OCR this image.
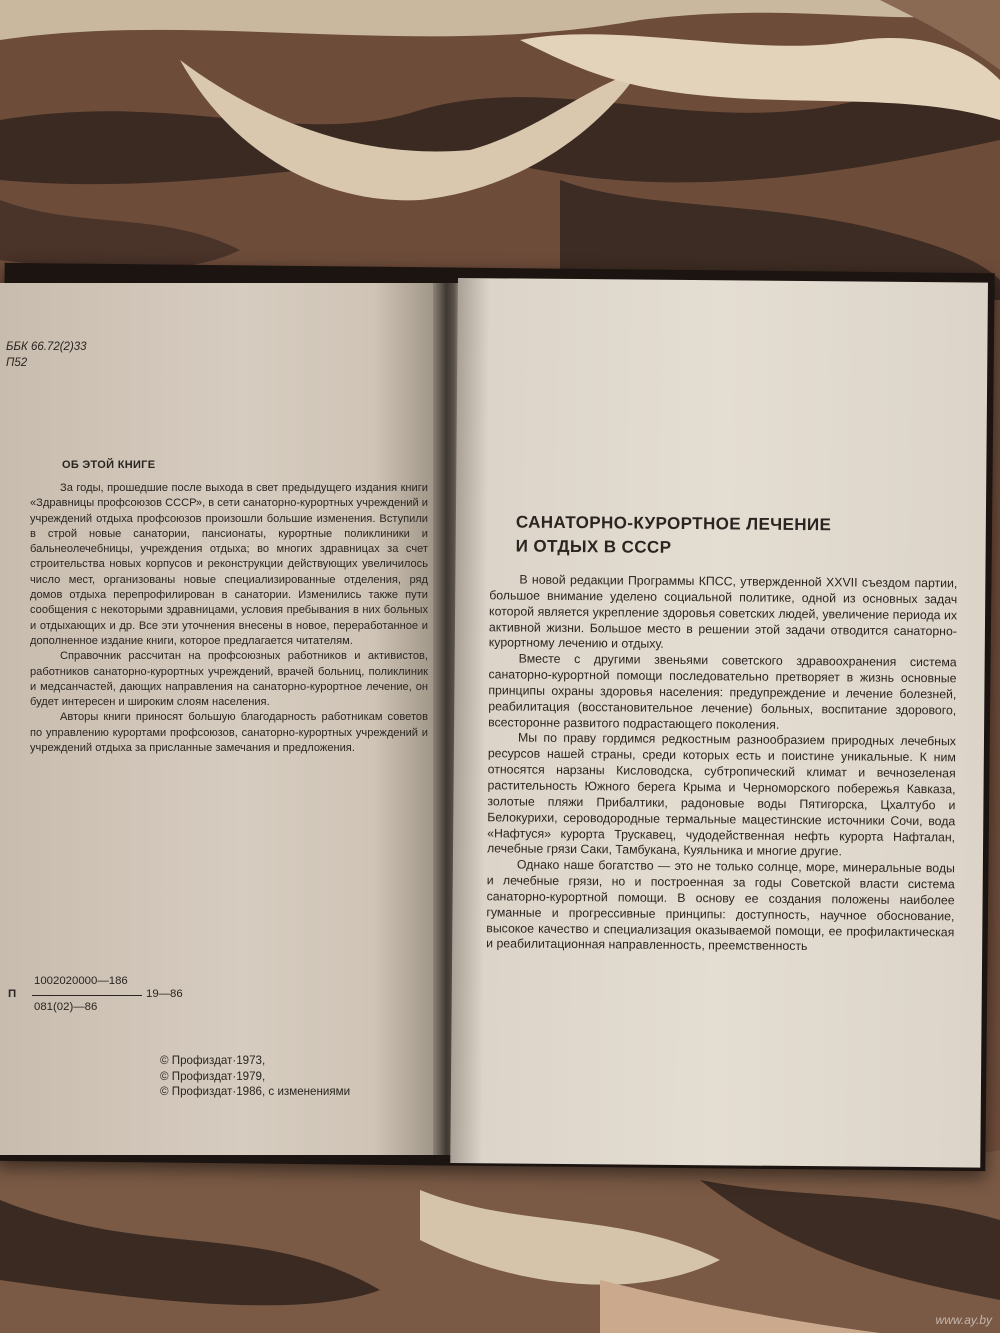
ББК 66.72(2)33
П52
ОБ ЭТОЙ КНИГЕ

За годы, прошедшие после выхода в свет предыдущего издания книги «Здравницы профсоюзов СССР», в сети санаторно-курортных учреждений и учреждений отдыха профсоюзов произошли большие изменения. Вступили в строй новые санатории, пансионаты, курортные поликлиники и бальнеолечебницы, учреждения отдыха; во многих здравницах за счет строительства новых корпусов и реконструкции действующих увеличилось число мест, организованы новые специализированные отделения, ряд домов отдыха перепрофилирован в санатории. Изменились также пути сообщения с некоторыми здравницами, условия пребывания в них больных и отдыхающих и др. Все эти уточнения внесены в новое, переработанное и дополненное издание книги, которое предлагается читателям.

Справочник рассчитан на профсоюзных работников и активистов, работников санаторно-курортных учреждений, врачей больниц, поликлиник и медсанчастей, дающих направления на санаторно-курортное лечение, он будет интересен и широким слоям населения.

Авторы книги приносят большую благодарность работникам советов по управлению курортами профсоюзов, санаторно-курортных учреждений и учреждений отдыха за присланные замечания и предложения.

П
1002020000—186
081(02)—86
19—86
© Профиздат·1973,
© Профиздат·1979,
© Профиздат·1986, с изменениями
САНАТОРНО-КУРОРТНОЕ ЛЕЧЕНИЕ
И ОТДЫХ В СССР

В новой редакции Программы КПСС, утвержденной XXVII съездом партии, большое внимание уделено социальной политике, одной из основных задач которой является укрепление здоровья советских людей, увеличение периода их активной жизни. Большое место в решении этой задачи отводится санаторно-курортному лечению и отдыху.

Вместе с другими звеньями советского здравоохранения система санаторно-курортной помощи последовательно претворяет в жизнь основные принципы охраны здоровья населения: предупреждение и лечение болезней, реабилитация (восстановительное лечение) больных, воспитание здорового, всесторонне развитого подрастающего поколения.

Мы по праву гордимся редкостным разнообразием природных лечебных ресурсов нашей страны, среди которых есть и поистине уникальные. К ним относятся нарзаны Кисловодска, субтропический климат и вечнозеленая растительность Южного берега Крыма и Черноморского побережья Кавказа, золотые пляжи Прибалтики, радоновые воды Пятигорска, Цхалтубо и Белокурихи, сероводородные термальные мацестинские источники Сочи, вода «Нафтуся» курорта Трускавец, чудодейственная нефть курорта Нафталан, лечебные грязи Саки, Тамбукана, Куяльника и многие другие.

Однако наше богатство — это не только солнце, море, минеральные воды и лечебные грязи, но и построенная за годы Советской власти система санаторно-курортной помощи. В основу ее создания положены наиболее гуманные и прогрессивные принципы: доступность, научное обоснование, высокое качество и специализация оказываемой помощи, ее профилактическая и реабилитационная направленность, преемственность

www.ay.by
